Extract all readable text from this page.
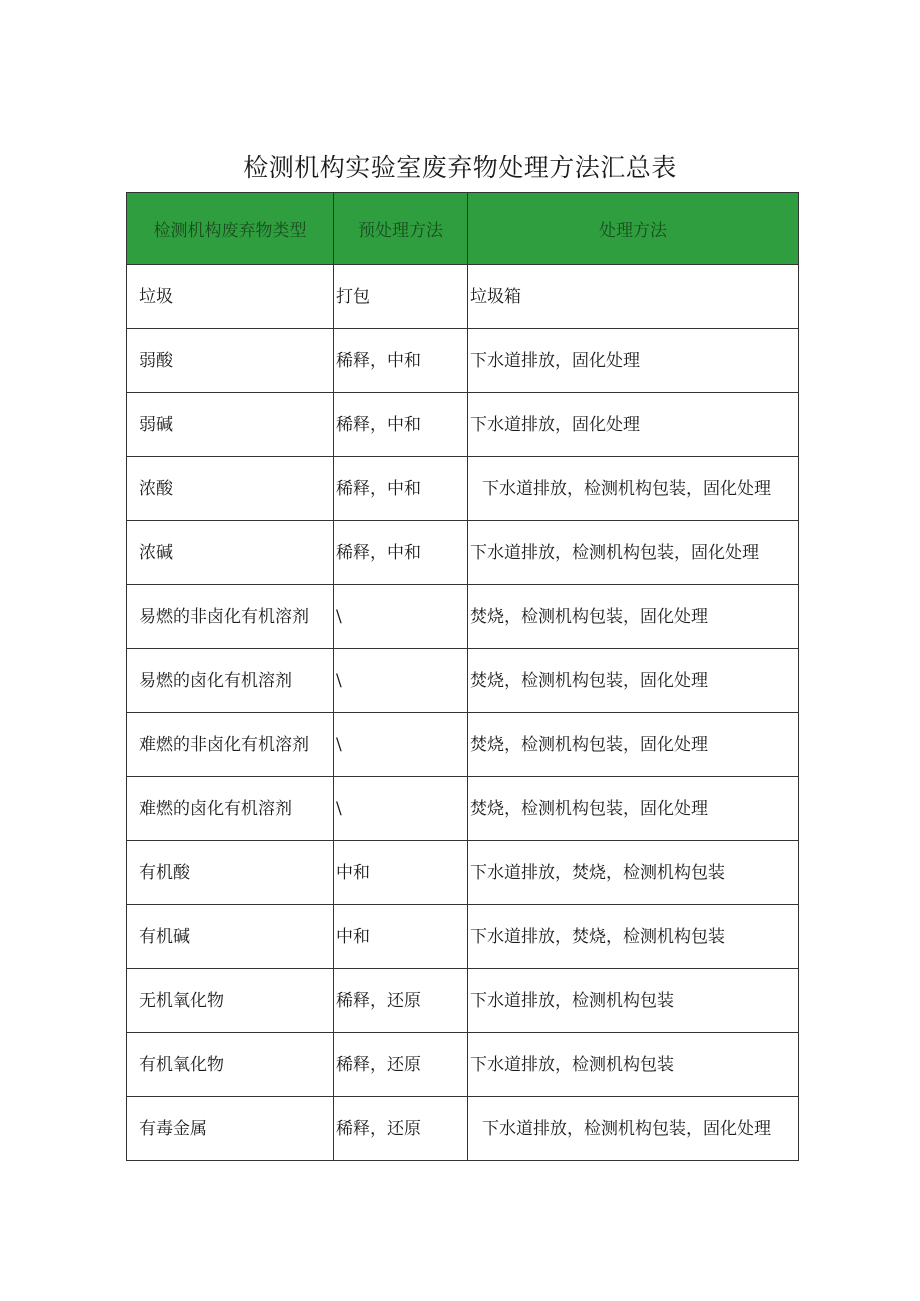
检测机构实验室废弃物处理方法汇总表
检测机构废弃物类型	预处理方法	处理方法
垃圾	打包	垃圾箱
弱酸	稀释，中和	下水道排放，固化处理
弱碱	稀释，中和	下水道排放，固化处理
浓酸	稀释，中和	下水道排放，检测机构包装，固化处理
浓碱	稀释，中和	下水道排放，检测机构包装，固化处理
易燃的非卤化有机溶剂	\	焚烧，检测机构包装，固化处理
易燃的卤化有机溶剂	\	焚烧，检测机构包装，固化处理
难燃的非卤化有机溶剂	\	焚烧，检测机构包装，固化处理
难燃的卤化有机溶剂	\	焚烧，检测机构包装，固化处理
有机酸	中和	下水道排放，焚烧，检测机构包装
有机碱	中和	下水道排放，焚烧，检测机构包装
无机氧化物	稀释，还原	下水道排放，检测机构包装
有机氧化物	稀释，还原	下水道排放，检测机构包装
有毒金属	稀释，还原	下水道排放，检测机构包装，固化处理
